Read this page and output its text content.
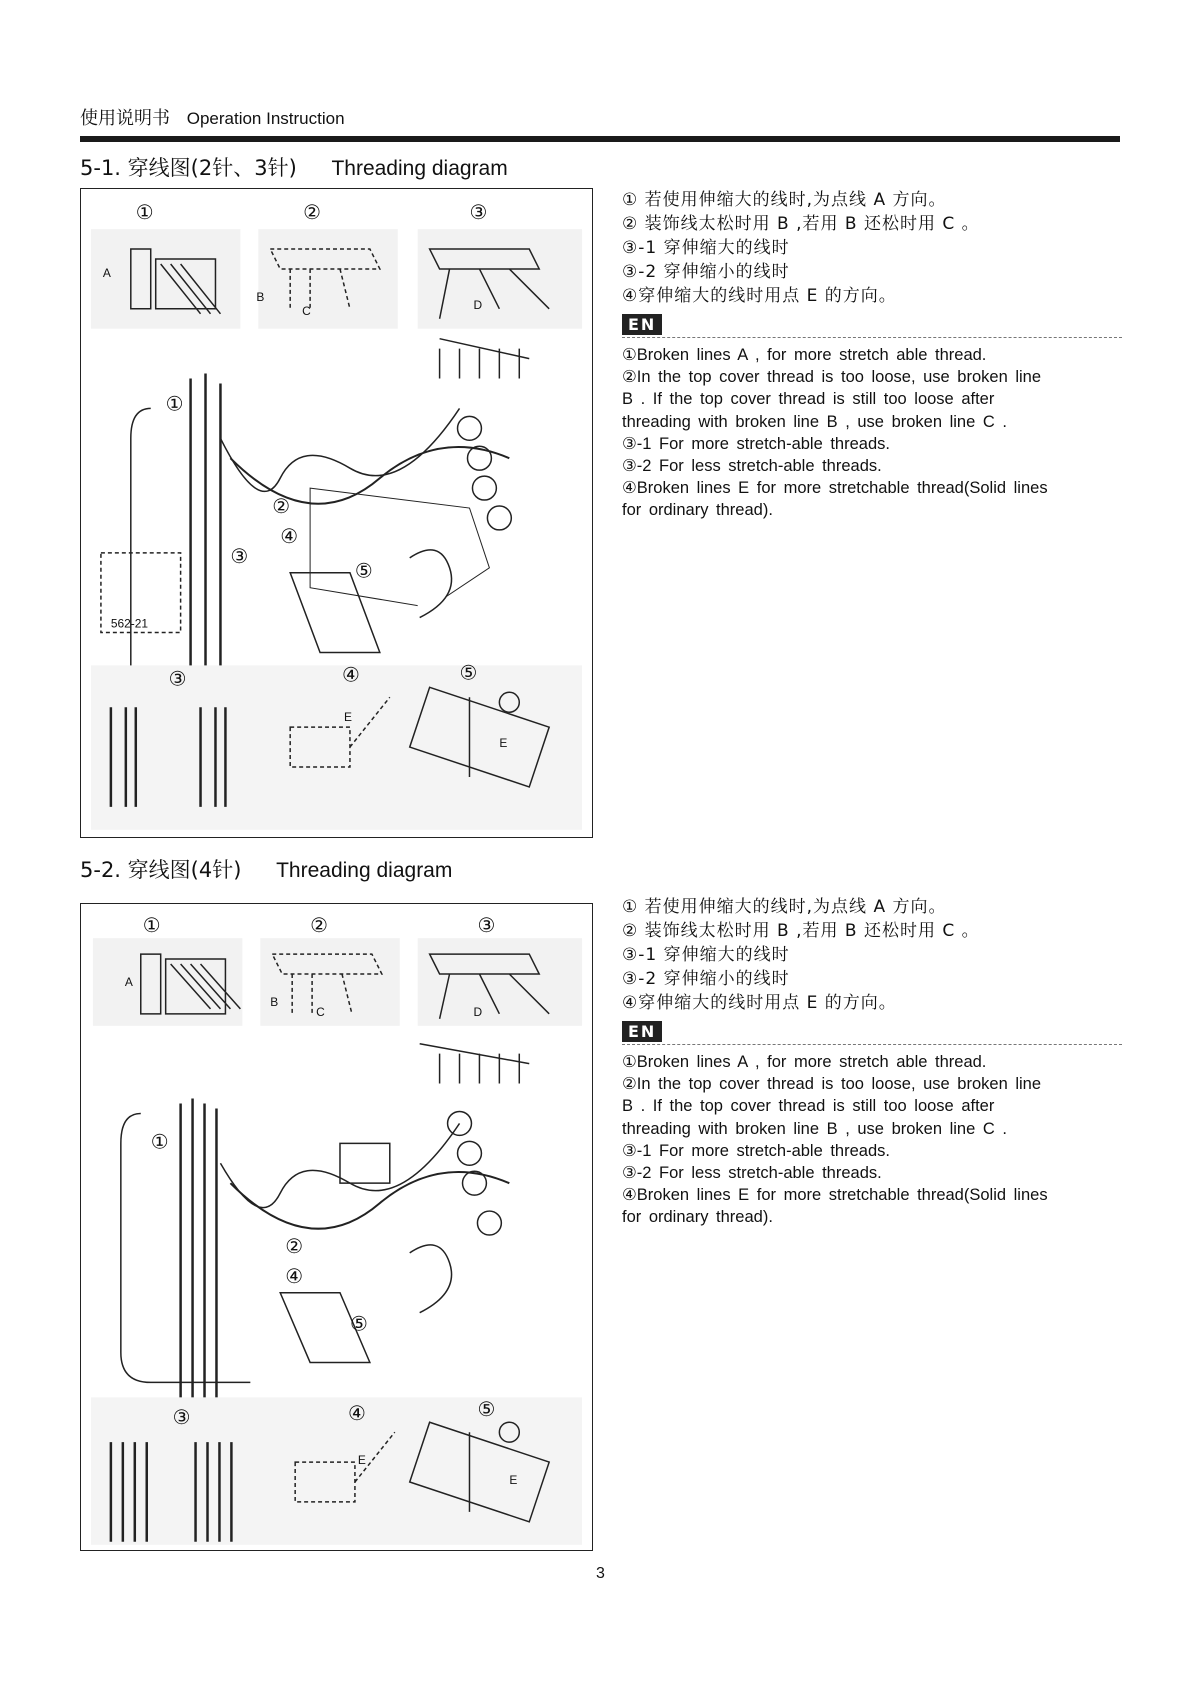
使用说明书 Operation Instruction
5-1. 穿线图(2针、3针) Threading diagram
①	②	③
A
B
C	D
E
E
①
②
③
④
⑤
562-21
③	④	⑤
① 若使用伸缩大的线时,为点线 A 方向。
② 装饰线太松时用 B ,若用 B 还松时用 C 。
③-1 穿伸缩大的线时
③-2 穿伸缩小的线时
④穿伸缩大的线时用点 E 的方向。
EN
①Broken lines A , for more stretch able thread.
②In the top cover thread is too loose, use broken line
B . If the top cover thread is still too loose after
threading with broken line B , use broken line C .
③-1 For more stretch-able threads.
③-2 For less stretch-able threads.
④Broken lines E for more stretchable thread(Solid lines
for ordinary thread).
5-2. 穿线图(4针) Threading diagram
①	②	③
A
B
C	D
E
E
①
②
④
⑤
③	④	⑤
① 若使用伸缩大的线时,为点线 A 方向。
② 装饰线太松时用 B ,若用 B 还松时用 C 。
③-1 穿伸缩大的线时
③-2 穿伸缩小的线时
④穿伸缩大的线时用点 E 的方向。
EN
①Broken lines A , for more stretch able thread.
②In the top cover thread is too loose, use broken line
B . If the top cover thread is still too loose after
threading with broken line B , use broken line C .
③-1 For more stretch-able threads.
③-2 For less stretch-able threads.
④Broken lines E for more stretchable thread(Solid lines
for ordinary thread).
3
